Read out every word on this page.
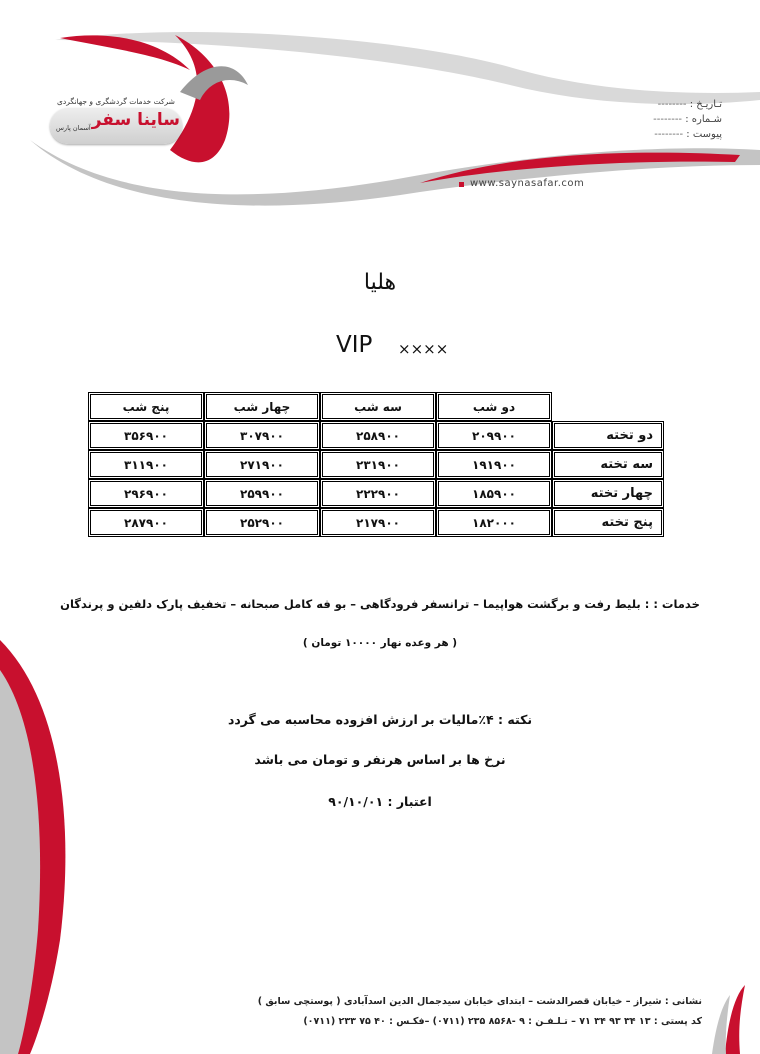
شرکت خدمات گردشگری و جهانگردی
ساینا سفر
آسمان پارس
تـاریـخ : --------
شـماره : --------
پیوست : --------
www.saynasafar.com
هلیا
VIP ××××
	دو شب	سه شب	چهار شب	پنج شب
دو تخته	۲۰۹۹۰۰	۲۵۸۹۰۰	۳۰۷۹۰۰	۳۵۶۹۰۰
سه تخته	۱۹۱۹۰۰	۲۳۱۹۰۰	۲۷۱۹۰۰	۳۱۱۹۰۰
چهار تخته	۱۸۵۹۰۰	۲۲۲۹۰۰	۲۵۹۹۰۰	۲۹۶۹۰۰
پنج تخته	۱۸۲۰۰۰	۲۱۷۹۰۰	۲۵۲۹۰۰	۲۸۷۹۰۰
خدمات : : بلیط رفت و برگشت هواپیما – ترانسفر فرودگاهی – بو فه کامل صبحانه – تخفیف پارک دلفین و پرندگان
( هر وعده نهار ۱۰۰۰۰ تومان )
نکته : ۴٪مالیات بر ارزش افزوده محاسبه می گردد
نرخ ها بر اساس هرنفر و تومان می باشد
اعتبار : ۹۰/۱۰/۰۱
نشانی : شیراز – خیابان قصرالدشت – ابتدای خیابان سیدجمال الدین اسدآبادی ( پوستچی سابق )
کد پستی : ۱۳ ۳۴ ۹۳ ۳۴ ۷۱ – تـلـفـن : ۹ -۸۵۶۸ ۲۳۵ (۰۷۱۱) –فکـس : ۴۰ ۷۵ ۲۳۳ (۰۷۱۱)
